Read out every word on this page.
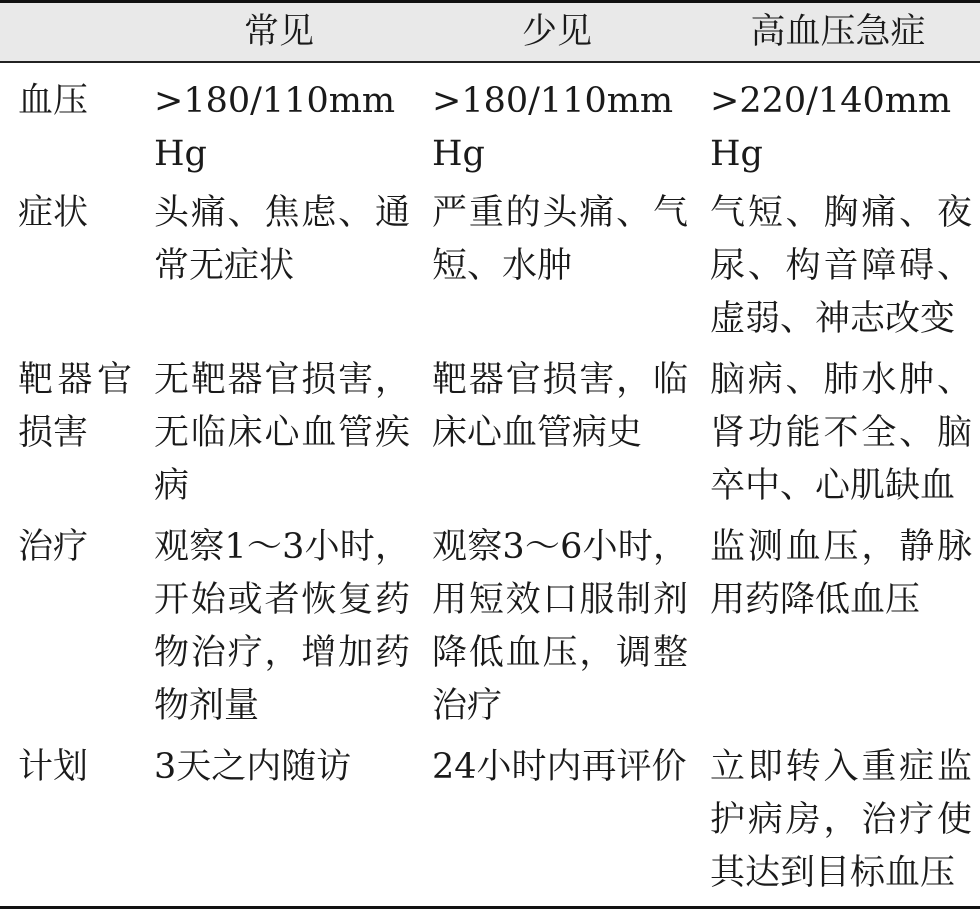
	常见	少见	高血压急症
血压	>180/110mmHg	>180/110mmHg	>220/140mmHg
症状	头痛、焦虑、通常无症状	严重的头痛、气短、水肿	气短、胸痛、夜尿、构音障碍、虚弱、神志改变
靶器官损害	无靶器官损害，无临床心血管疾病	靶器官损害，临床心血管病史	脑病、肺水肿、肾功能不全、脑卒中、心肌缺血
治疗	观察1～3小时，开始或者恢复药物治疗，增加药物剂量	观察3～6小时，用短效口服制剂降低血压，调整治疗	监测血压，静脉用药降低血压
计划	3天之内随访	24小时内再评价	立即转入重症监护病房，治疗使其达到目标血压
